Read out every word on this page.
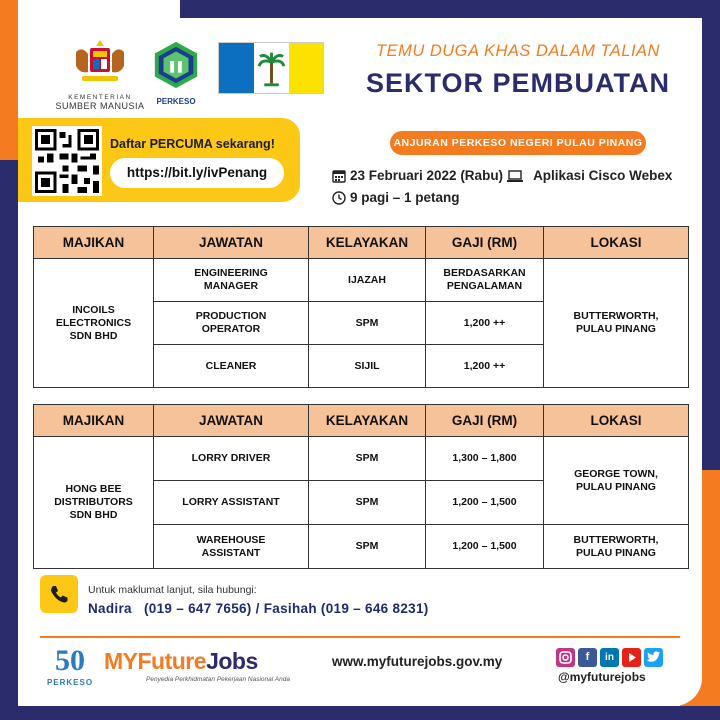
KEMENTERIAN
SUMBER MANUSIA	PERKESO
TEMU DUGA KHAS DALAM TALIAN
SEKTOR PEMBUATAN
Daftar PERCUMA sekarang!
https://bit.ly/ivPenang
ANJURAN PERKESO NEGERI PULAU PINANG
23 Februari 2022 (Rabu) Aplikasi Cisco Webex
9 pagi – 1 petang
MAJIKAN	JAWATAN	KELAYAKAN	GAJI (RM)	LOKASI
INCOILS ELECTRONICS SDN BHD	ENGINEERING MANAGER	IJAZAH	BERDASARKAN PENGALAMAN	BUTTERWORTH, PULAU PINANG
	PRODUCTION OPERATOR	SPM	1,200 ++	
	CLEANER	SIJIL	1,200 ++	
MAJIKAN	JAWATAN	KELAYAKAN	GAJI (RM)	LOKASI
HONG BEE DISTRIBUTORS SDN BHD	LORRY DRIVER	SPM	1,300 – 1,800	GEORGE TOWN, PULAU PINANG
	LORRY ASSISTANT	SPM	1,200 – 1,500	
	WAREHOUSE ASSISTANT	SPM	1,200 – 1,500	BUTTERWORTH, PULAU PINANG
Untuk maklumat lanjut, sila hubungi:
Nadira   (019 – 647 7656) / Fasihah (019 – 646 8231)
50
PERKESO
MYFutureJobs
Penyedia Perkhidmatan Pekerjaan Nasional Anda
www.myfuturejobs.gov.my	f	in
@myfuturejobs
